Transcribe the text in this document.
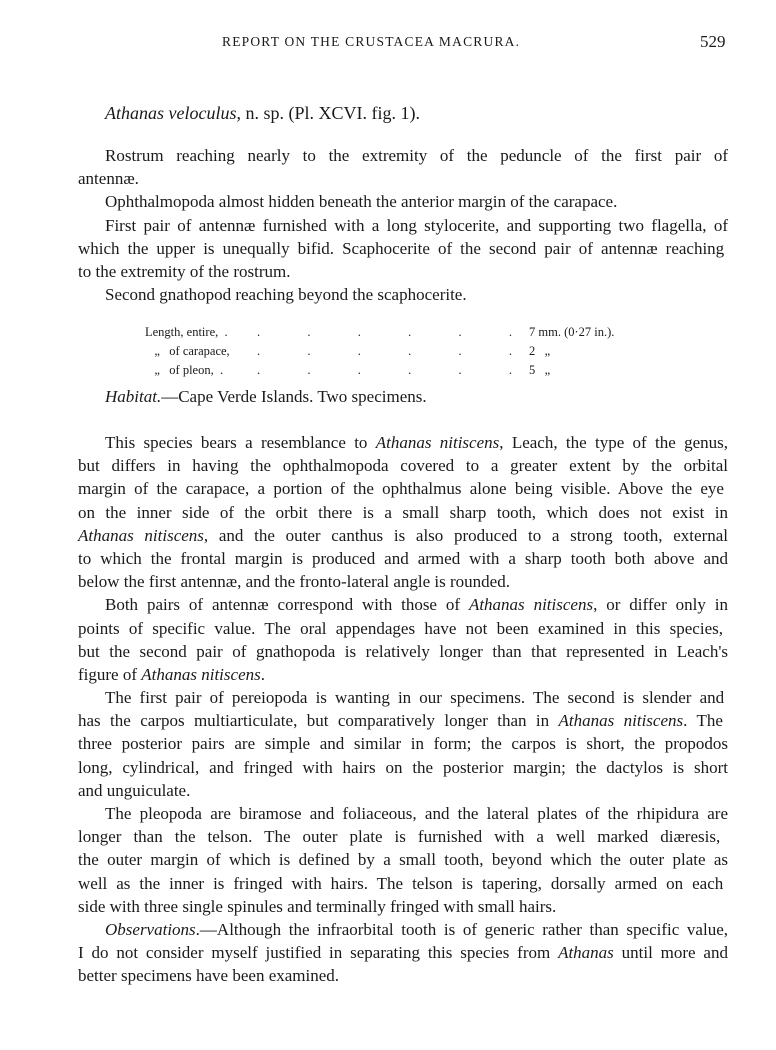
REPORT ON THE CRUSTACEA MACRURA.	529
Athanas veloculus, n. sp. (Pl. XCVI. fig. 1).
Rostrum reaching nearly to the extremity of the peduncle of the first pair of
antennæ.
Ophthalmopoda almost hidden beneath the anterior margin of the carapace.
First pair of antennæ furnished with a long stylocerite, and supporting two flagella, of
which the upper is unequally bifid. Scaphocerite of the second pair of antennæ reaching
to the extremity of the rostrum.
Second gnathopod reaching beyond the scaphocerite.
Length, entire,  . .	.	.	.	.	. 7 mm. (0·27 in.).
„   of carapace, .	.	.	.	.	. 2   „
„   of pleon,  .	.	.	.	.	.	. 5   „
Habitat.—Cape Verde Islands. Two specimens.
This species bears a resemblance to Athanas nitiscens, Leach, the type of the genus,
but differs in having the ophthalmopoda covered to a greater extent by the orbital
margin of the carapace, a portion of the ophthalmus alone being visible. Above the eye
on the inner side of the orbit there is a small sharp tooth, which does not exist in
Athanas nitiscens, and the outer canthus is also produced to a strong tooth, external
to which the frontal margin is produced and armed with a sharp tooth both above and
below the first antennæ, and the fronto-lateral angle is rounded.
Both pairs of antennæ correspond with those of Athanas nitiscens, or differ only in
points of specific value. The oral appendages have not been examined in this species,
but the second pair of gnathopoda is relatively longer than that represented in Leach's
figure of Athanas nitiscens.
The first pair of pereiopoda is wanting in our specimens. The second is slender and
has the carpos multiarticulate, but comparatively longer than in Athanas nitiscens. The
three posterior pairs are simple and similar in form; the carpos is short, the propodos
long, cylindrical, and fringed with hairs on the posterior margin; the dactylos is short
and unguiculate.
The pleopoda are biramose and foliaceous, and the lateral plates of the rhipidura are
longer than the telson. The outer plate is furnished with a well marked diæresis,
the outer margin of which is defined by a small tooth, beyond which the outer plate as
well as the inner is fringed with hairs. The telson is tapering, dorsally armed on each
side with three single spinules and terminally fringed with small hairs.
Observations.—Although the infraorbital tooth is of generic rather than specific value,
I do not consider myself justified in separating this species from Athanas until more and
better specimens have been examined.
